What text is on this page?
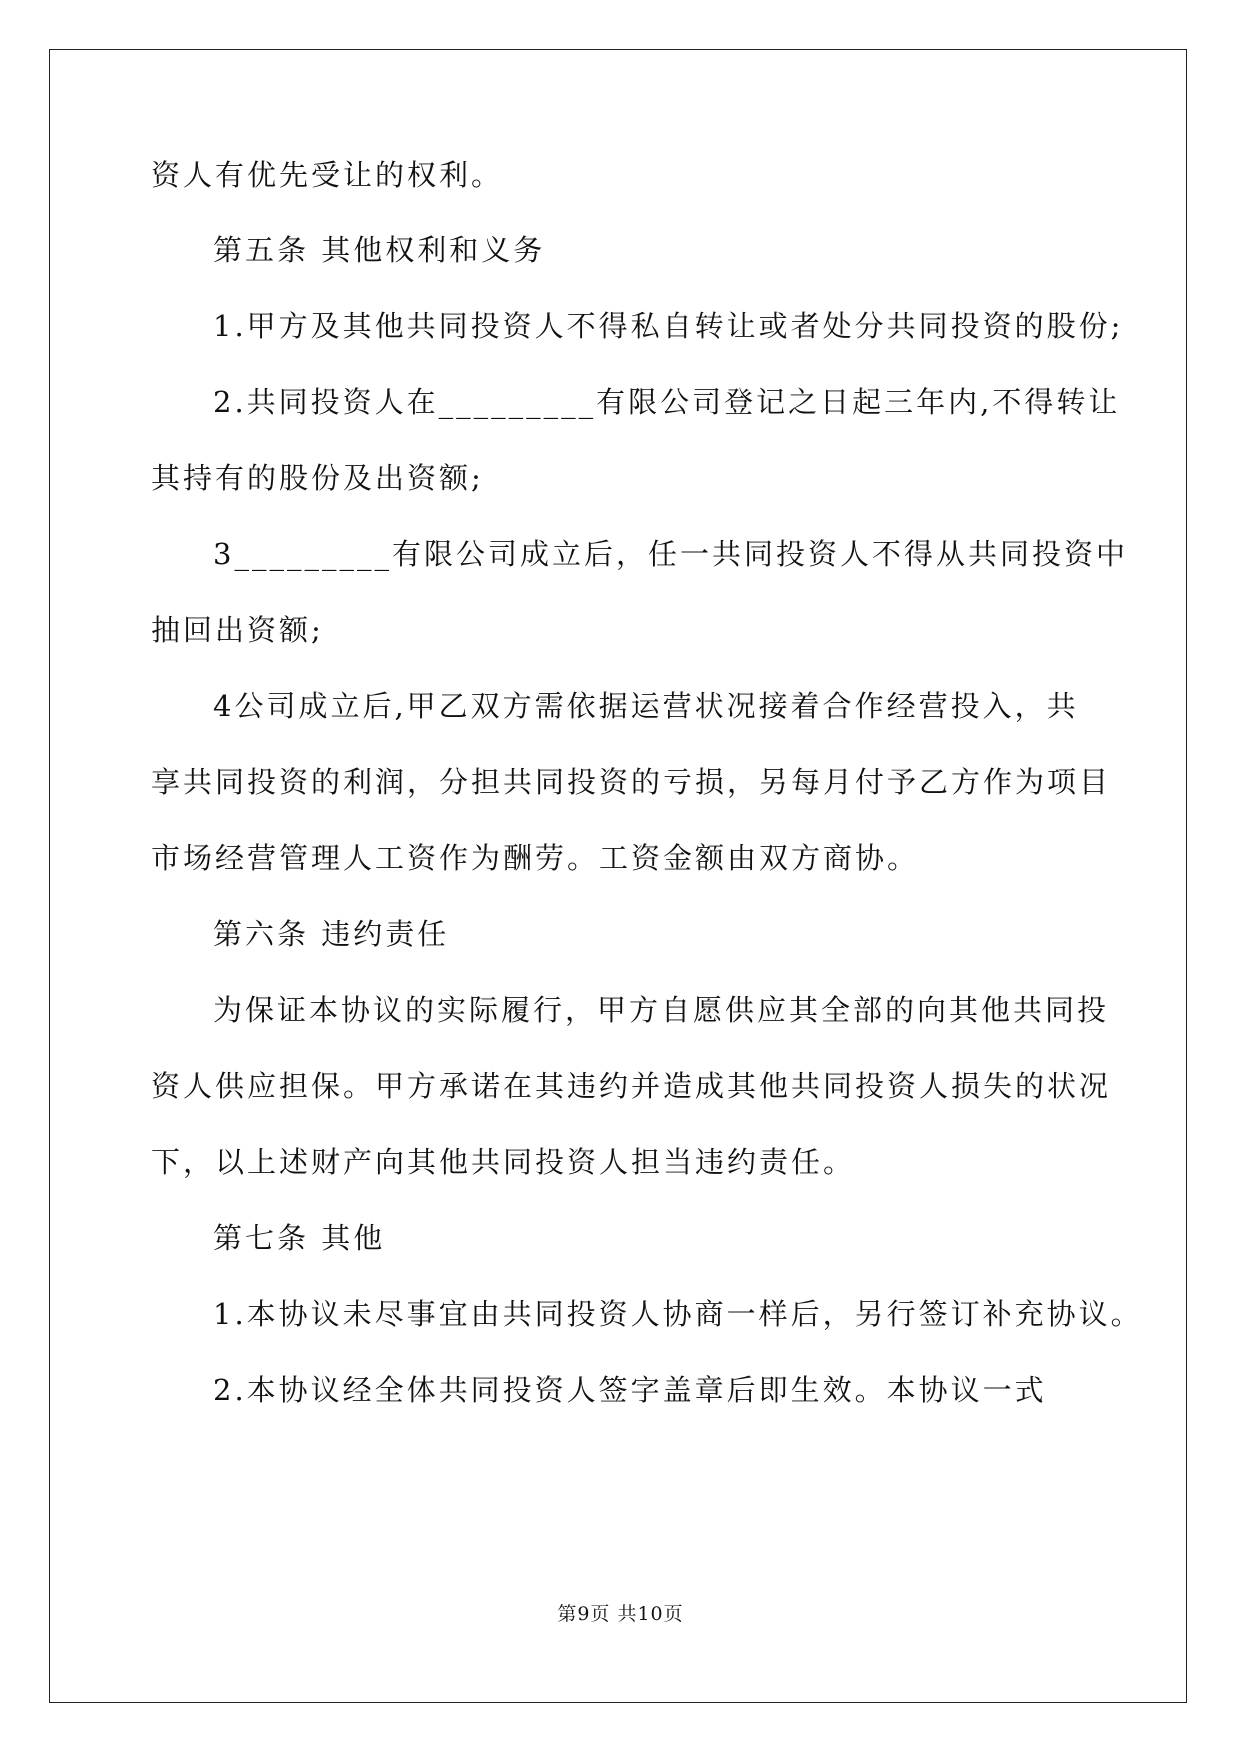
资人有优先受让的权利。
第五条 其他权利和义务
1.甲方及其他共同投资人不得私自转让或者处分共同投资的股份;
2.共同投资人在_________有限公司登记之日起三年内,不得转让
其持有的股份及出资额;
3_________有限公司成立后，任一共同投资人不得从共同投资中
抽回出资额;
4公司成立后,甲乙双方需依据运营状况接着合作经营投入，共
享共同投资的利润，分担共同投资的亏损，另每月付予乙方作为项目
市场经营管理人工资作为酬劳。工资金额由双方商协。
第六条 违约责任
为保证本协议的实际履行，甲方自愿供应其全部的向其他共同投
资人供应担保。甲方承诺在其违约并造成其他共同投资人损失的状况
下，以上述财产向其他共同投资人担当违约责任。
第七条 其他
1.本协议未尽事宜由共同投资人协商一样后，另行签订补充协议。
2.本协议经全体共同投资人签字盖章后即生效。本协议一式
第9页 共10页
